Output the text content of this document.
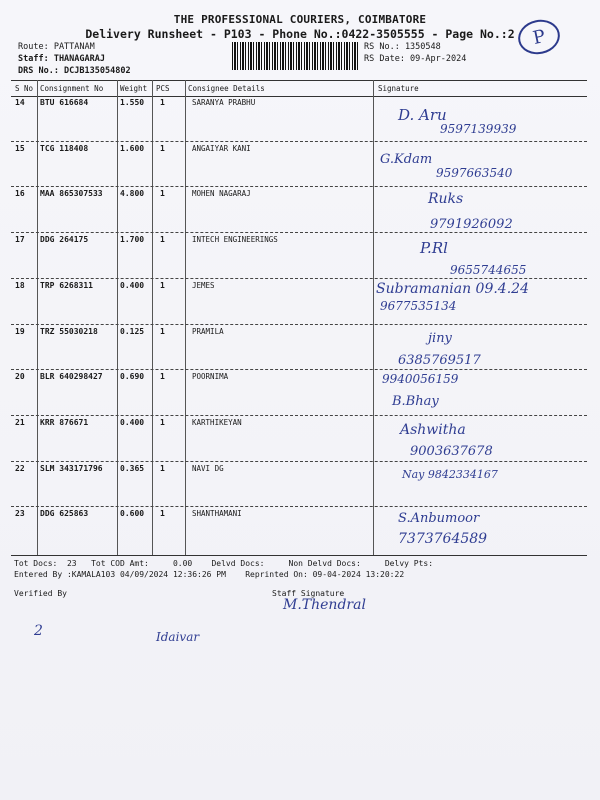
THE PROFESSIONAL COURIERS, COIMBATORE
Delivery Runsheet - P103 - Phone No.:0422-3505555 - Page No.:2 P
Route: PATTANAM
Staff: THANAGARAJ
DRS No.: DCJB135054802
RS No.: 1350548
RS Date: 09-Apr-2024
S No Consignment No Weight PCS Consignee Details	Signature
14 BTU 616684	1.550 1	SARANYA PRABHU
D. Aru
9597139939
15 TCG 118408	1.600 1	ANGAIYAR KANI
G.Kdam
9597663540
16 MAA 865307533 4.800 1	MOHEN NAGARAJ	Ruks
9791926092
17 DDG 264175	1.700 1	INTECH ENGINEERINGS	P.Rl
9655744655
18 TRP 6268311	0.400 1	JEMES	Subramanian 09.4.24
9677535134
19 TRZ 55030218	0.125 1	PRAMILA	jiny
6385769517
20 BLR 640298427 0.690 1	POORNIMA	9940056159
B.Bhay
21 KRR 876671	0.400 1	KARTHIKEYAN	Ashwitha
9003637678
22 SLM 343171796 0.365 1	NAVI DG	Nay 9842334167
23 DDG 625863	0.600 1	SHANTHAMANI	S.Anbumoor
7373764589
Tot Docs:  23   Tot COD Amt:     0.00    Delvd Docs:     Non Delvd Docs:     Delvy Pts:
Entered By :KAMALA103 04/09/2024 12:36:26 PM    Reprinted On: 09-04-2024 13:20:22
Verified By	Staff Signature
M.Thendral
2	Idaivar
